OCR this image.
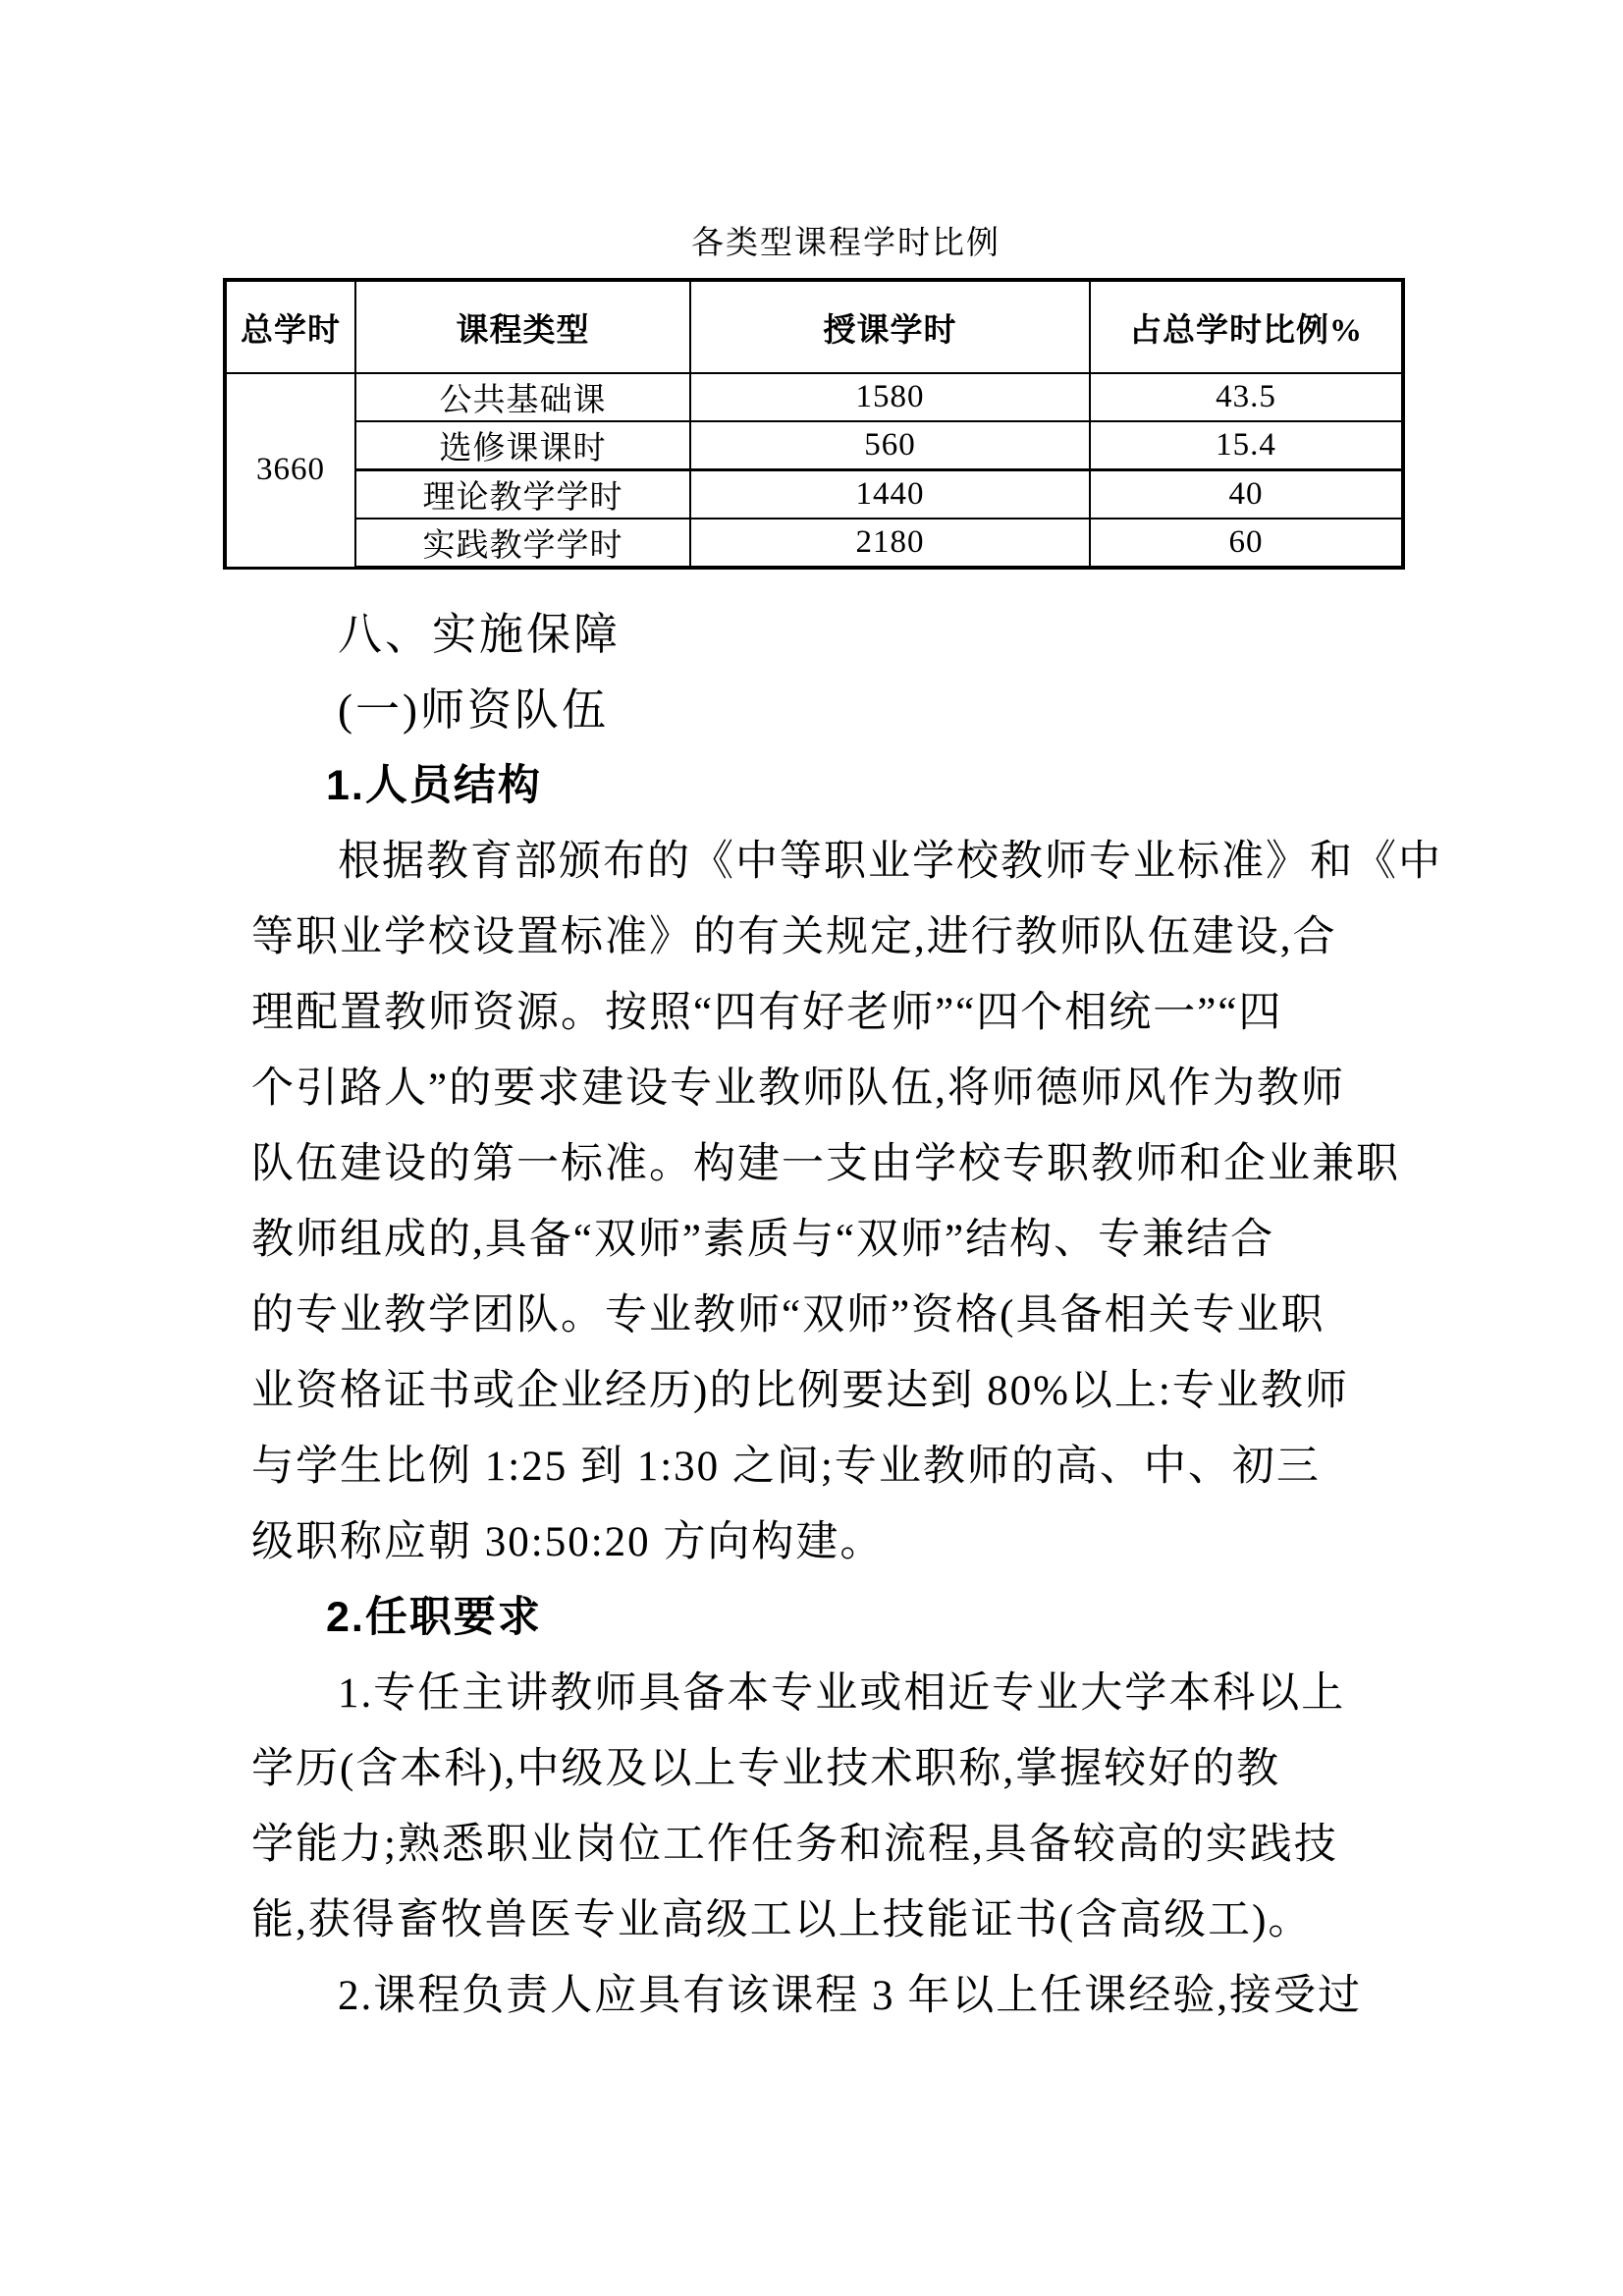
各类型课程学时比例
总学时	课程类型	授课学时	占总学时比例%
3660	公共基础课	1580	43.5
	选修课课时	560	15.4
	理论教学学时	1440	40
	实践教学学时	2180	60
八、实施保障
(一)师资队伍
1.人员结构
根据教育部颁布的《中等职业学校教师专业标准》和《中
等职业学校设置标准》的有关规定,进行教师队伍建设,合
理配置教师资源。按照“四有好老师”“四个相统一”“四
个引路人”的要求建设专业教师队伍,将师德师风作为教师
队伍建设的第一标准。构建一支由学校专职教师和企业兼职
教师组成的,具备“双师”素质与“双师”结构、专兼结合
的专业教学团队。专业教师“双师”资格(具备相关专业职
业资格证书或企业经历)的比例要达到 80%以上:专业教师
与学生比例 1:25 到 1:30 之间;专业教师的高、中、初三
级职称应朝 30:50:20 方向构建。
2.任职要求
1.专任主讲教师具备本专业或相近专业大学本科以上
学历(含本科),中级及以上专业技术职称,掌握较好的教
学能力;熟悉职业岗位工作任务和流程,具备较高的实践技
能,获得畜牧兽医专业高级工以上技能证书(含高级工)。
2.课程负责人应具有该课程 3 年以上任课经验,接受过
